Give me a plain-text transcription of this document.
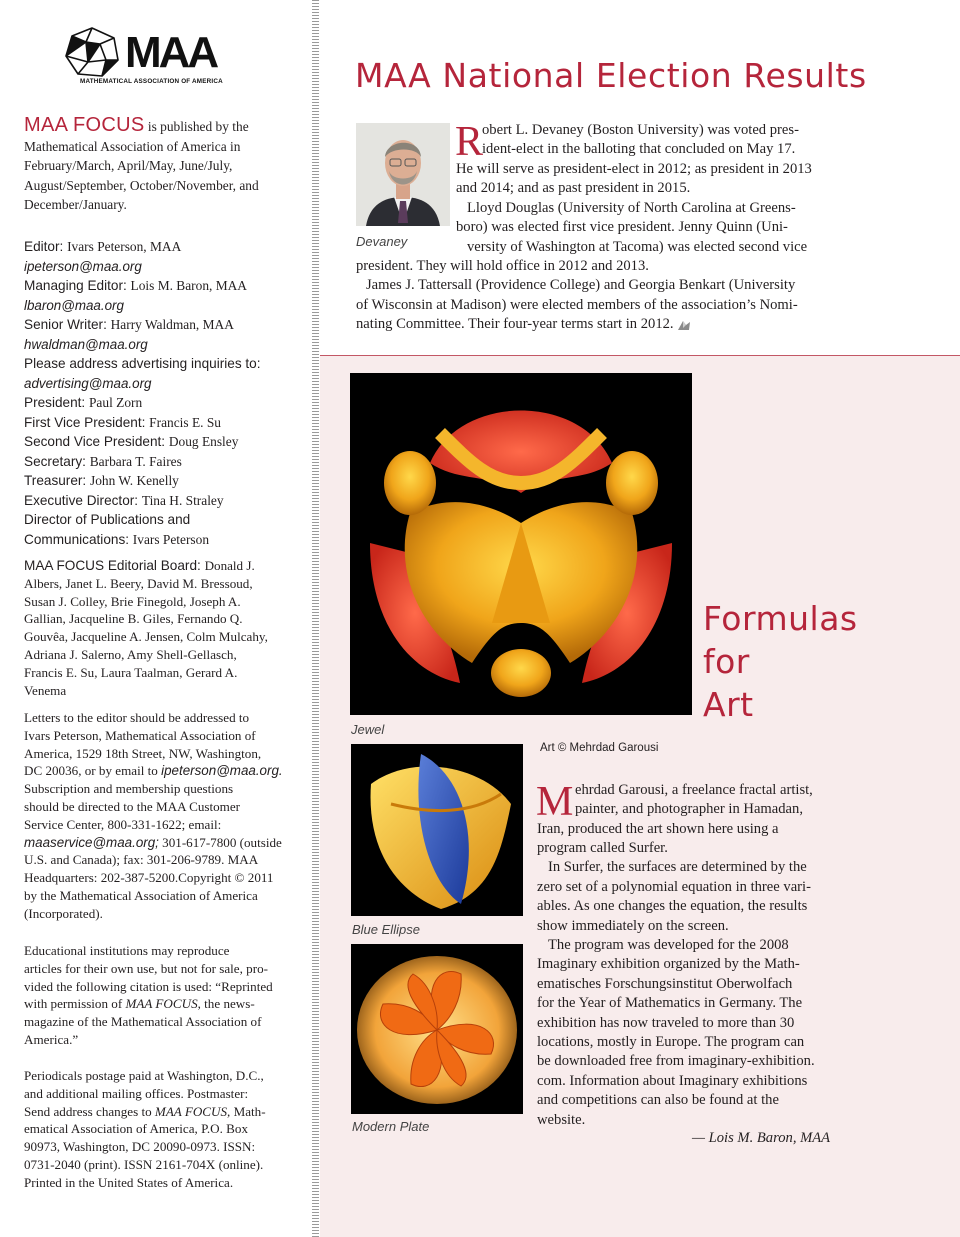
MAA
MATHEMATICAL ASSOCIATION OF AMERICA
MAA FOCUS is published by the
Mathematical Association of America in
February/March, April/May, June/July,
August/September, October/November, and
December/January.
Editor: Ivars Peterson, MAA
ipeterson@maa.org
Managing Editor: Lois M. Baron, MAA
lbaron@maa.org
Senior Writer: Harry Waldman, MAA
hwaldman@maa.org
Please address advertising inquiries to:
advertising@maa.org
President: Paul Zorn
First Vice President: Francis E. Su
Second Vice President: Doug Ensley
Secretary: Barbara T. Faires
Treasurer: John W. Kenelly
Executive Director: Tina H. Straley
Director of Publications and
Communications: Ivars Peterson
MAA FOCUS Editorial Board: Donald J.
Albers, Janet L. Beery, David M. Bressoud,
Susan J. Colley, Brie Finegold, Joseph A.
Gallian, Jacqueline B. Giles, Fernando Q.
Gouvêa, Jacqueline A. Jensen, Colm Mulcahy,
Adriana J. Salerno, Amy Shell-Gellasch,
Francis E. Su, Laura Taalman, Gerard A.
Venema
Letters to the editor should be addressed to
Ivars Peterson, Mathematical Association of
America, 1529 18th Street, NW, Washington,
DC 20036, or by email to ipeterson@maa.org.
Subscription and membership questions
should be directed to the MAA Customer
Service Center, 800-331-1622; email:
maaservice@maa.org; 301-617-7800 (outside
U.S. and Canada); fax: 301-206-9789. MAA
Headquarters: 202-387-5200.Copyright © 2011
by the Mathematical Association of America
(Incorporated).
Educational institutions may reproduce
articles for their own use, but not for sale, pro-
vided the following citation is used: “Reprinted
with permission of MAA FOCUS, the news-
magazine of the Mathematical Association of
America.”
Periodicals postage paid at Washington, D.C.,
and additional mailing offices. Postmaster:
Send address changes to MAA FOCUS, Math-
ematical Association of America, P.O. Box
90973, Washington, DC 20090-0973. ISSN:
0731-2040 (print). ISSN 2161-704X (online).
Printed in the United States of America.
MAA National Election Results
Devaney
R
obert L. Devaney (Boston University) was voted pres-
ident-elect in the balloting that concluded on May 17.
He will serve as president-elect in 2012; as president in 2013
and 2014; and as past president in 2015.
Lloyd Douglas (University of North Carolina at Greens-
boro) was elected first vice president. Jenny Quinn (Uni-
versity of Washington at Tacoma) was elected second vice
president. They will hold office in 2012 and 2013.
James J. Tattersall (Providence College) and Georgia Benkart (University
of Wisconsin at Madison) were elected members of the association’s Nomi-
nating Committee. Their four-year terms start in 2012.
Jewel
Blue Ellipse
Modern Plate
Formulas
for
Art
Art © Mehrdad Garousi
M ehrdad Garousi, a freelance fractal artist,
painter, and photographer in Hamadan,
Iran, produced the art shown here using a
program called Surfer.
In Surfer, the surfaces are determined by the
zero set of a polynomial equation in three vari-
ables. As one changes the equation, the results
show immediately on the screen.
The program was developed for the 2008
Imaginary exhibition organized by the Math-
ematisches Forschungsinstitut Oberwolfach
for the Year of Mathematics in Germany. The
exhibition has now traveled to more than 30
locations, mostly in Europe. The program can
be downloaded free from imaginary-exhibition.
com. Information about Imaginary exhibitions
and competitions can also be found at the
website.
— Lois M. Baron, MAA
